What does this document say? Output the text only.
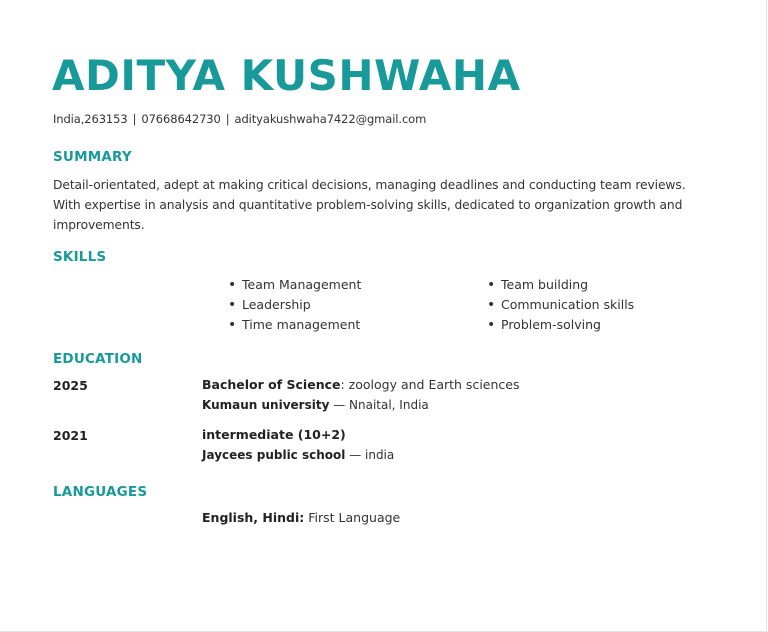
ADITYA KUSHWAHA
India,263153 | 07668642730 | adityakushwaha7422@gmail.com
SUMMARY
Detail-orientated, adept at making critical decisions, managing deadlines and conducting team reviews.
With expertise in analysis and quantitative problem-solving skills, dedicated to organization growth and
improvements.
SKILLS
• Team Management
• Leadership
• Time management
• Team building
• Communication skills
• Problem-solving
EDUCATION
2025	Bachelor of Science: zoology and Earth sciences
Kumaun university — Nnaital, India
2021	intermediate (10+2)
Jaycees public school — india
LANGUAGES
English, Hindi: First Language
